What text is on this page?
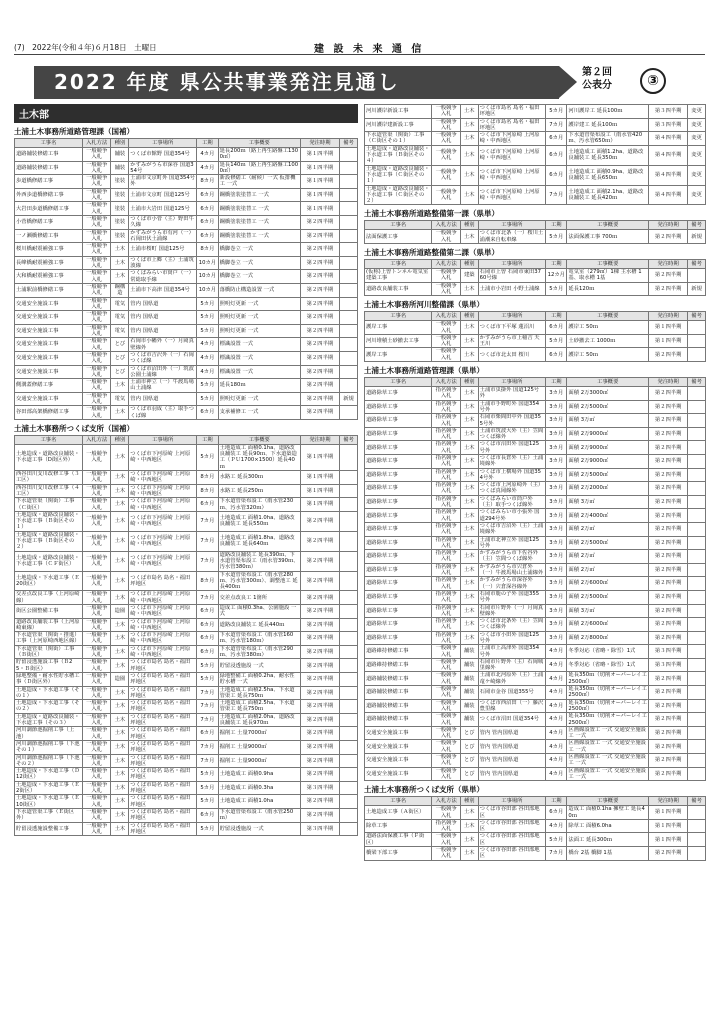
(7)　2022年(令和４年)６月18日　土曜日	建 設 未 来 通 信
2022 年度 県公共事業発注見通し	第２回
公表分	③
土木部
土浦土木事務所道路管理課（国補）
工事名	入札方法	種別	工事場所	工期	工事概要	発注時期	備考
道路舗装修繕工事	一般競争入札	舗装	つくば市館野 国道354号	4カ月	延長200ｍ（路上再生路盤工1300㎡）	第１四半期	
道路舗装修繕工事	一般競争入札	舗装	かすみがうら市深谷 国道354号	4カ月	延長140ｍ（路上再生路盤工1000㎡）	第１四半期	
歩道橋修繕工事	一般競争入札	塗装	土浦市文京町外 国道354号外	8カ月	新設修繕工（耐候）一式 仮排機工 一式	第１四半期	
外西歩道橋修繕工事	一般競争入札	塗装	土浦市文京町 国道125号	6カ月	鋼橋塗装塗替工 一式	第１四半期	
大岩田歩道橋修繕工事	一般競争入札	塗装	土浦市大岩田 国道125号	6カ月	鋼橋塗装塗替工 一式	第１四半期	
小菅橋修繕工事	一般競争入札	塗装	つくば市小菅（主）野田牛久線	6カ月	鋼橋塗装塗替工 一式	第２四半期	
一ノ瀬橋修繕工事	一般競争入札	塗装	かすみがうら市有河（一）石岡田伏土浦線	6カ月	鋼橋塗装塗替工 一式	第２四半期	
桜川橋耐震補強工事	一般競争入札	土木	土浦市桜町 国道125号	8カ月	橋脚巻立 一式	第２四半期	
長峰橋耐震補強工事	一般競争入札	土木	つくば市上郷（主）土浦筑波線	10カ月	橋脚巻立 一式	第２四半期	
大和橋耐震補強工事	一般競争入札	土木	つくばみらい市筒戸（一）常総取手線	10カ月	橋脚巻立 一式	第２四半期	
土浦駅前橋修繕工事	一般競争入札	鋼構造	土浦市下高津 国道354号	10カ月	落橋防止構造設置 一式	第２四半期	
交通安全施設工事	一般競争入札	電気	管内 国県道	5カ月	照明灯更新 一式	第２四半期	
交通安全施設工事	一般競争入札	電気	管内 国県道	5カ月	照明灯更新 一式	第２四半期	
交通安全施設工事	一般競争入札	電気	管内 国県道	5カ月	照明灯更新 一式	第２四半期	
交通安全施設工事	一般競争入札	とび	石岡市小幡外（一）月岡真壁線外	4カ月	標識設置 一式	第２四半期	
交通安全施設工事	一般競争入札	とび	つくば市吉沢外（一）石岡つくば線	4カ月	標識設置 一式	第２四半期	
交通安全施設工事	一般競争入札	とび	つくば市沼田外（一）筑波公園土浦線	4カ月	標識設置 一式	第２四半期	
側溝蓋修繕工事	一般競争入札	土木	土浦市神立（一）牛渡馬場山土浦線	5カ月	延長180ｍ	第２四半期	
交通安全施設工事	一般競争入札	電気	管内 国県道	5カ月	照明灯更新 一式	第２四半期	新規
谷田部高架橋修繕工事	一般競争入札	土木	つくば市羽成（主）取手つくば線	6カ月	支承補修工 一式	第２四半期	
土浦土木事務所つくば支所（国補）
工事名	入札方法	種別	工事場所	工期	工事概要	発注時期	備考
土地造成・道路改良舗装・下水道工事（D街区外）	一般競争入札	土木	つくば市下河原崎 上河原崎・中西地区	5カ月	土地造成工 面積0.1ha、道路改良舗装工 延長90ｍ、下水道築造工（ＰＵ1700×1500）延長40ｍ	第１四半期	
西谷田川支川改修工事（３工区）	一般競争入札	土木	つくば市下河原崎 上河原崎・中西地区	8カ月	水路工 延長300ｍ	第１四半期	
西谷田川支川改修工事（４工区）	一般競争入札	土木	つくば市下河原崎 上河原崎・中西地区	8カ月	水路工 延長250ｍ	第１四半期	
下水道管渠（関街）工事（Ｃ街区）	一般競争入札	土木	つくば市下河原崎 上河原崎・中西地区	6カ月	下水道管渠布設工（雨水管230ｍ、汚水管320ｍ）	第１四半期	
土地造成・道路改良舗装・下水道工事（Ｂ街区その１）	一般競争入札	土木	つくば市下河原崎 上河原崎・中西地区	7カ月	土地造成工 面積1.0ha、道路改良舗装工 延長550ｍ	第２四半期	
土地造成・道路改良舗装・下水道工事（Ｂ街区その２）	一般競争入札	土木	つくば市下河原崎 上河原崎・中西地区	7カ月	土地造成工 面積1.8ha、道路改良舗装工 延長640ｍ	第２四半期	
土地造成・道路改良舗装・下水道工事（ＣＦ街区）	一般競争入札	土木	つくば市下河原崎 上河原崎・中西地区	7カ月	道路改良舗装工 延長390ｍ、下水道管渠布設工（雨水管390ｍ、汚水管380ｍ）	第２四半期	
土地造成・下水道工事（Ｅ20街区）	一般競争入札	土木	つくば市島名 島名・福田坪地区	8カ月	下水道管渠布設工（雨水管280ｍ、汚水管300ｍ）、調整池工 延長400ｍ	第２四半期	
交差点改良工事（上河原崎線）	一般競争入札	土木	つくば市上河原崎 上河原崎・中西地区	7カ月	交差点改良工 1箇所	第２四半期	
街区公園整備工事	一般競争入札	造園	つくば市下河原崎 上河原崎・中西地区	6カ月	造成工 面積0.3ha、公園施設 一式	第２四半期	
道路改良舗装工事（上河原崎東線）	一般競争入札	土木	つくば市下河原崎 上河原崎・中西地区	6カ月	道路改良舗装工 延長440ｍ	第２四半期	
下水道管渠（関街・推進）工事（上河原崎西地区線）	一般競争入札	土木	つくば市下河原崎 上河原崎・中西地区	6カ月	下水道管渠布設工（雨水管160ｍ、汚水管180ｍ）	第２四半期	
下水道管渠（関街）工事（Ｂ街区）	一般競争入札	土木	つくば市下河原崎 上河原崎・中西地区	6カ月	下水道管渠布設工（雨水管290ｍ、汚水管380ｍ）	第２四半期	
貯留浸透施設工事（Ｂ25・Ｂ街区）	一般競争入札	土木	つくば市島名 島名・福田坪地区	5カ月	貯留浸透施設 一式	第２四半期	
緑地整備・耐水性貯水槽工事（Ｄ街区外）	一般競争入札	造園	つくば市島名 島名・福田坪地区	5カ月	緑地整備工 面積0.2ha、耐水性貯水槽 一式	第２四半期	
土地造成・下水道工事（その１）	一般競争入札	土木	つくば市島名 島名・福田坪地区	7カ月	土地造成工 面積2.5ha、下水道管渠工 延長750ｍ	第２四半期	
土地造成・下水道工事（その２）	一般競争入札	土木	つくば市島名 島名・福田坪地区	7カ月	土地造成工 面積2.5ha、下水道管渠工 延長750ｍ	第２四半期	
土地造成・道路改良舗装・下水道工事（その３）	一般競争入札	土木	つくば市島名 島名・福田坪地区	7カ月	土地造成工 面積2.0ha、道路改良舗装工 延長970ｍ	第２四半期	
河川調節池掘削工事（上池）	一般競争入札	土木	つくば市島名 島名・福田坪地区	6カ月	掘削工 土量7000㎥	第２四半期	
河川調節池掘削工事（下池その１）	一般競争入札	土木	つくば市島名 島名・福田坪地区	7カ月	掘削工 土量9000㎥	第２四半期	
河川調節池掘削工事（下池その２）	一般競争入札	土木	つくば市島名 島名・福田坪地区	7カ月	掘削工 土量9000㎥	第２四半期	
土地造成・下水道工事（Ｄ12街区）	一般競争入札	土木	つくば市島名 島名・福田坪地区	5カ月	土地造成工 面積0.9ha	第２四半期	
土地造成・下水道工事（Ｅ2街区）	一般競争入札	土木	つくば市島名 島名・福田坪地区	5カ月	土地造成工 面積0.3ha	第３四半期	
土地造成・下水道工事（Ｅ10街区）	一般競争入札	土木	つくば市島名 島名・福田坪地区	5カ月	土地造成工 面積1.0ha	第２四半期	
下水道管渠工事（Ｅ街区外）	一般競争入札	土木	つくば市島名 島名・福田坪地区	6カ月	下水道管渠布設工（雨水管250ｍ）	第２四半期	
貯留浸透施設整備工事	一般競争入札	土木	つくば市島名 島名・福田坪地区	5カ月	貯留浸透施設 一式	第３四半期	
河川護岸新設工事	一般競争入札	土木	つくば市島名 島名・福田坪地区	5カ月	河川護岸工 延長100ｍ	第３四半期	変更
河川護岸建新設工事	一般競争入札	土木	つくば市島名 島名・福田坪地区	7カ月	護岸建工 延長100ｍ	第３四半期	変更
下水道管渠（関街）工事（Ｃ街区その１）	一般競争入札	土木	つくば市下河原崎 上河原崎・中西地区	6カ月	下水道管渠布設工（雨水管420ｍ、汚水管650ｍ）	第４四半期	変更
土地造成・道路改良舗装・下水道工事（Ｂ街区その４）	一般競争入札	土木	つくば市下河原崎 上河原崎・中西地区	6カ月	土地造成工 面積1.2ha、道路改良舗装工 延長350ｍ	第４四半期	変更
土地造成・道路改良舗装・下水道工事（Ｃ街区その１）	一般競争入札	土木	つくば市下河原崎 上河原崎・中西地区	6カ月	土地造成工 面積0.9ha、道路改良舗装工 延長650ｍ	第４四半期	変更
土地造成・道路改良舗装・下水道工事（Ｃ街区その２）	一般競争入札	土木	つくば市下河原崎 上河原崎・中西地区	7カ月	土地造成工 面積2.1ha、道路改良舗装工 延長420ｍ	第４四半期	変更
土浦土木事務所道路整備第一課（県単）
工事名	入札方法	種別	工事場所	工期	工事概要	発注時期	備考
法面保護工事	一般競争入札	土木	つくば市北条（一）桜川土浦潮来自転車線	5カ月	法面保護工事 700ｍ	第２四半期	新規
土浦土木事務所道路整備第二課（県単）
工事名	入札方法	種別	工事場所	工期	工事概要	発注時期	備考
(仮称)上曽トンネル電気室建築工事	一般競争入札	建築	石岡市上曽 石岡市東田3760号線	12カ月	電気室（279㎡）1棟 主水槽 1基、取水槽 1基	第２四半期	
道路改良舗装工事	一般競争入札	土木	土浦市小岩田 小野土浦線	5カ月	延長120ｍ	第２四半期	新規
土浦土木事務所河川整備課（県単）
工事名	入札方法	種別	工事場所	工期	工事概要	発注時期	備考
護岸工事	一般競争入札	土木	つくば市下平塚 蓮沼川	6カ月	護岸工 50ｍ	第１四半期	
河川堆積土砂撤去工事	一般競争入札	土木	かすみがうら市上稲吉 天王川	5カ月	土砂撤去工 1000ｍ	第１四半期	
護岸工事	一般競争入札	土木	つくば市北太田 桜川	6カ月	護岸工 50ｍ	第２四半期	
土浦土木事務所道路管理課（県単）
工事名	入札方法	種別	工事場所	工期	工事概要	発注時期	備考
道路除草工事	指名競争入札	土木	土浦市虫掛外 国道125号外	3カ月	面積 2万3000㎡	第２四半期	
道路除草工事	指名競争入札	土木	土浦市手野町外 国道354号外	3カ月	面積 2万5000㎡	第２四半期	
道路除草工事	指名競争入札	土木	石岡市柴間田中外 国道355号外	3カ月	面積 3万㎡	第２四半期	
道路除草工事	指名競争入札	土木	土浦市筑波大外（主）笠間つくば線外	3カ月	面積 2万9000㎡	第２四半期	
道路除草工事	指名競争入札	土木	つくば市沼田外 国道125号外	3カ月	面積 2万9000㎡	第２四半期	
道路除草工事	指名競争入札	土木	つくば市長倉外（主）土浦境線外	3カ月	面積 2万9000㎡	第２四半期	
道路除草工事	指名競争入札	土木	つくば市上横場外 国道354号外	3カ月	面積 2万5000㎡	第２四半期	
道路除草工事	指名競争入札	土木	つくば市上河原崎外（主）つくば真岡線外	3カ月	面積 2万2000㎡	第２四半期	
道路除草工事	指名競争入札	土木	つくばみらい市筒戸外（主）取手つくば線外	3カ月	面積 3万㎡	第２四半期	
道路除草工事	指名競争入札	土木	つくばみらい市小張外 国道294号外	3カ月	面積 2万4000㎡	第２四半期	
道路除草工事	指名競争入札	土木	つくば市吉沼外（主）土浦境線外	3カ月	面積 2万㎡	第２四半期	
道路除草工事	指名競争入札	土木	土浦市北神立外 国道125号外	3カ月	面積 2万5000㎡	第２四半期	
道路除草工事	指名競争入札	土木	かすみがうら市下佐谷外（主）笠間つくば線外	3カ月	面積 2万㎡	第２四半期	
道路除草工事	指名競争入札	土木	かすみがうら市宍倉外（一）牛渡馬場山土浦線外	3カ月	面積 2万㎡	第２四半期	
道路除草工事	指名競争入札	土木	かすみがうら市深谷外（一）宍倉深谷線外	3カ月	面積 2万6000㎡	第２四半期	
道路除草工事	指名競争入札	土木	石岡市鹿の子外 国道355号外	3カ月	面積 2万5000㎡	第２四半期	
道路除草工事	指名競争入札	土木	石岡市片野外（一）月岡真壁線外	3カ月	面積 3万㎡	第２四半期	
道路除草工事	指名競争入札	土木	つくば市北条外（主）笠間つくば線外	3カ月	面積 2万6000㎡	第２四半期	
道路除草工事	指名競争入札	土木	つくば市小田外 国道125号外	3カ月	面積 2万8000㎡	第２四半期	
道路維持修繕工事	一般競争入札	舗装	土浦市上高津外 国道354号外	4カ月	冬季対応（省略・除雪）1式	第３四半期	
道路維持修繕工事	一般競争入札	舗装	石岡市片野外（主）石岡城里線外	4カ月	冬季対応（省略・除雪）1式	第３四半期	
道路舗装修繕工事	一般競争入札	舗装	土浦市北河原外（主）土浦竜ケ崎線外	4カ月	延長350ｍ（切削オーバーレイ工2500㎡）	第２四半期	
道路舗装修繕工事	一般競争入札	舗装	石岡市金谷 国道355号	4カ月	延長350ｍ（切削オーバーレイ工2500㎡）	第２四半期	
道路舗装修繕工事	一般競争入札	舗装	つくば市西沼田（一）藤沢豊里線	4カ月	延長350ｍ（切削オーバーレイ工2500㎡）	第２四半期	
道路舗装修繕工事	一般競争入札	舗装	つくば市沼田 国道354号	4カ月	延長350ｍ（切削オーバーレイ工2500㎡）	第２四半期	
交通安全施設工事	一般競争入札	とび	管内 管内国県道	4カ月	区画線設置工 一式 交通安全施設工 一式	第２四半期	
交通安全施設工事	一般競争入札	とび	管内 管内国県道	4カ月	区画線設置工 一式 交通安全施設工 一式	第２四半期	
交通安全施設工事	一般競争入札	とび	管内 管内国県道	4カ月	区画線設置工 一式 交通安全施設工 一式	第２四半期	
交通安全施設工事	一般競争入札	とび	管内 管内国県道	4カ月	区画線設置工 一式 交通安全施設工 一式	第２四半期	
土浦土木事務所つくば支所（県単）
工事名	入札方法	種別	工事場所	工期	工事概要	発注時期	備考
土地造成工事（Ａ街区）	一般競争入札	土木	つくば市谷田部 谷田部地区	6カ月	造成工 面積0.1ha 擁壁工 延長40ｍ	第１四半期	
除草工事	指名競争入札	土木	つくば市谷田部 谷田部地区	4カ月	除草工 面積6.0ha	第１四半期	
道路法面保護工事（Ｆ街区）	一般競争入札	土木	つくば市谷田部 谷田部地区	5カ月	法面工 延長300ｍ	第１四半期	
橋梁下部工事	一般競争入札	土木	つくば市谷田部 谷田部地区	7カ月	橋台 2基 橋脚 1基	第２四半期	
